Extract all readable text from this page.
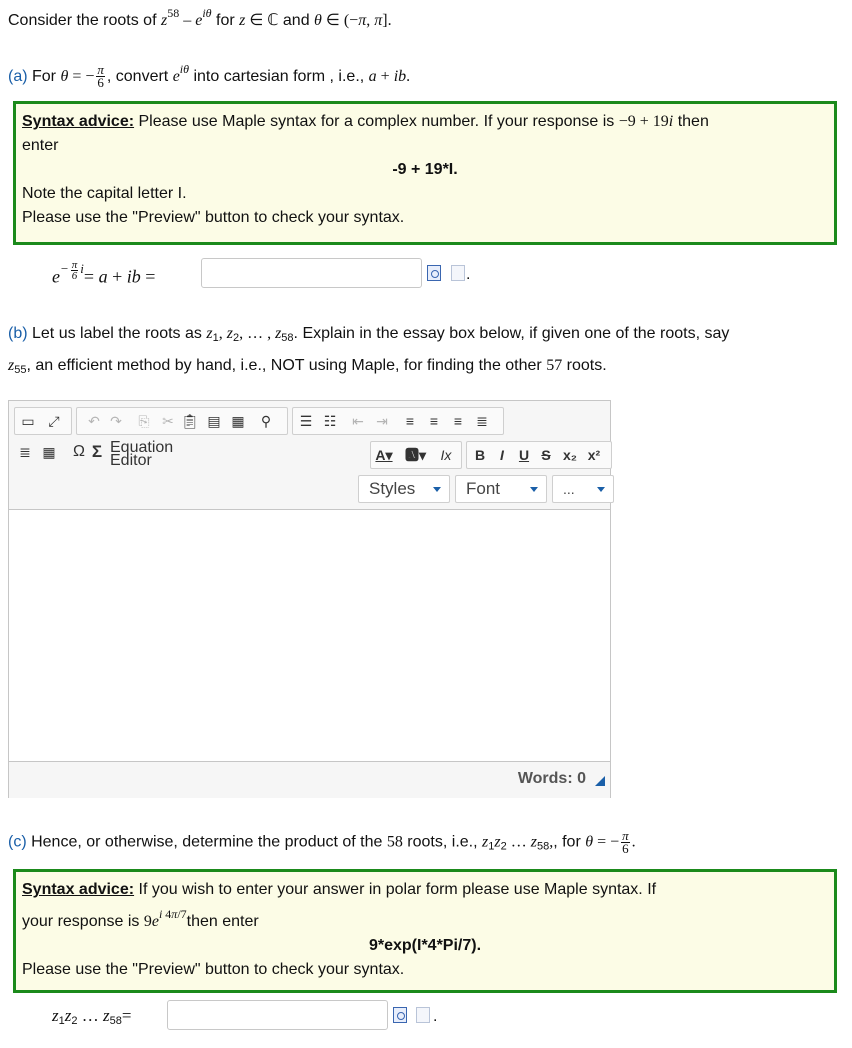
Consider the roots of $z^{58} - e^{i\theta}$ for z ∈ ℂ and θ ∈ (−π, π].
(a) For θ = − $\frac{\pi}{6}$ , convert $e^{i\theta}$ into cartesian form , i.e., a + ib.
Syntax advice: Please use Maple syntax for a complex number. If your response is −9 + 19i then
enter
-9 + 19*I.
Note the capital letter I.
Please use the "Preview" button to check your syntax.
$e^{- \frac{\pi}{6} i}= a$ + ib =	.
(b) Let us label the roots as $z_1$, $z_2$, … , $z_{58}$. Explain in the essay box below, if given one of the roots, say
$z_{55}$, an efficient method by hand, i.e., NOT using Maple, for finding the other 57 roots.
▭ ⤢ ↶ ↷ ⎘ ✂ 📋︎ ▤ ▦ ⚲ ☰ ☷ ⇤ ⇥	≡	≡	≡	≣
≣ ▦ Ω Σ Equation Editor	A▾ 🅰︎▾ Ix B	I	U S x₂ x²
Styles	Font	...
Words: 0
(c) Hence, or otherwise, determine the product of the 58 roots, i.e., $z_1z_2$ … $z_{58}$,, for θ = − $\frac{\pi}{6}$ .
Syntax advice: If you wish to enter your answer in polar form please use Maple syntax. If
your response is $9e^i$ $^{4\pi/7}$then enter
9*exp(I*4*Pi/7).
Please use the "Preview" button to check your syntax.
$z_1z_2$ … $z_{58}=$	.
